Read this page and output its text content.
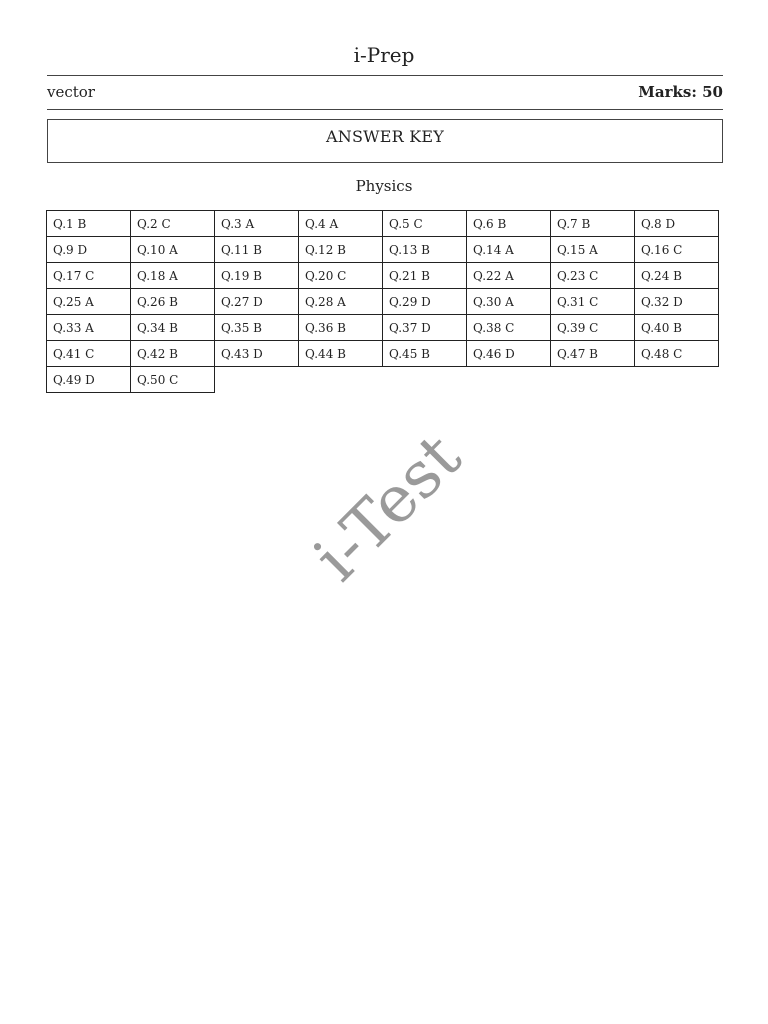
i-Prep
vector	Marks: 50
ANSWER KEY
Physics
Q.1 B	Q.2 C	Q.3 A	Q.4 A	Q.5 C	Q.6 B	Q.7 B	Q.8 D
Q.9 D	Q.10 A	Q.11 B	Q.12 B	Q.13 B	Q.14 A	Q.15 A	Q.16 C
Q.17 C	Q.18 A	Q.19 B	Q.20 C	Q.21 B	Q.22 A	Q.23 C	Q.24 B
Q.25 A	Q.26 B	Q.27 D	Q.28 A	Q.29 D	Q.30 A	Q.31 C	Q.32 D
Q.33 A	Q.34 B	Q.35 B	Q.36 B	Q.37 D	Q.38 C	Q.39 C	Q.40 B
Q.41 C	Q.42 B	Q.43 D	Q.44 B	Q.45 B	Q.46 D	Q.47 B	Q.48 C
Q.49 D	Q.50 C						
i-Test
